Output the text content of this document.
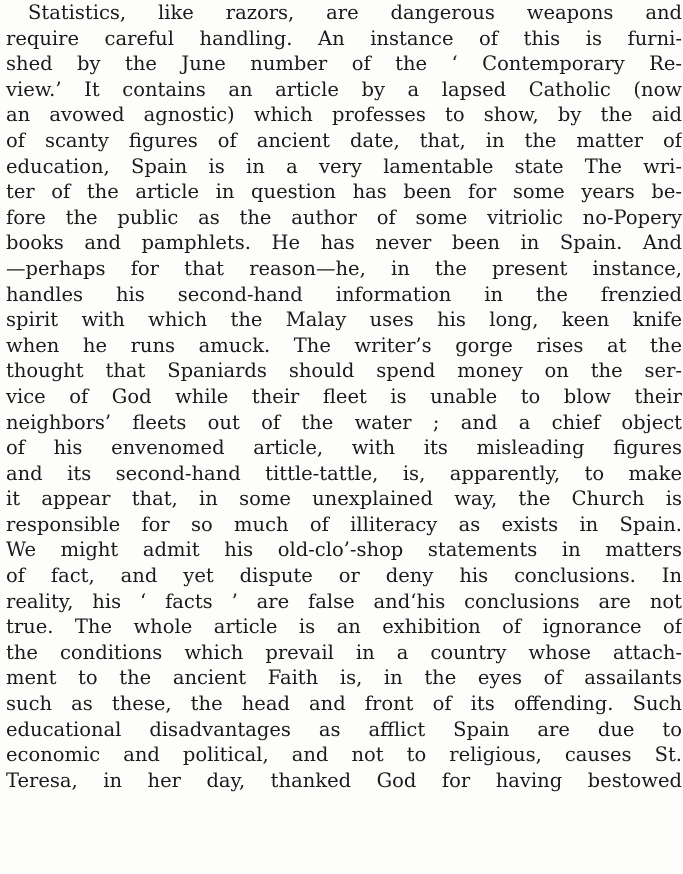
Statistics, like razors, are dangerous weapons and
require careful handling. An instance of this is furni-
shed by the June number of the ‘ Contemporary Re-
view.’ It contains an article by a lapsed Catholic (now
an avowed agnostic) which professes to show, by the aid
of scanty figures of ancient date, that, in the matter of
education, Spain is in a very lamentable state The wri-
ter of the article in question has been for some years be-
fore the public as the author of some vitriolic no-Popery
books and pamphlets. He has never been in Spain. And
—perhaps for that reason—he, in the present instance,
handles his second-hand information in the frenzied
spirit with which the Malay uses his long, keen knife
when he runs amuck. The writer’s gorge rises at the
thought that Spaniards should spend money on the ser-
vice of God while their fleet is unable to blow their
neighbors’ fleets out of the water ; and a chief object
of his envenomed article, with its misleading figures
and its second-hand tittle-tattle, is, apparently, to make
it appear that, in some unexplained way, the Church is
responsible for so much of illiteracy as exists in Spain.
We might admit his old-clo’-shop statements in matters
of fact, and yet dispute or deny his conclusions. In
reality, his ‘ facts ’ are false and‘his conclusions are not
true. The whole article is an exhibition of ignorance of
the conditions which prevail in a country whose attach-
ment to the ancient Faith is, in the eyes of assailants
such as these, the head and front of its offending. Such
educational disadvantages as afflict Spain are due to
economic and political, and not to religious, causes St.
Teresa, in her day, thanked God for having bestowed
